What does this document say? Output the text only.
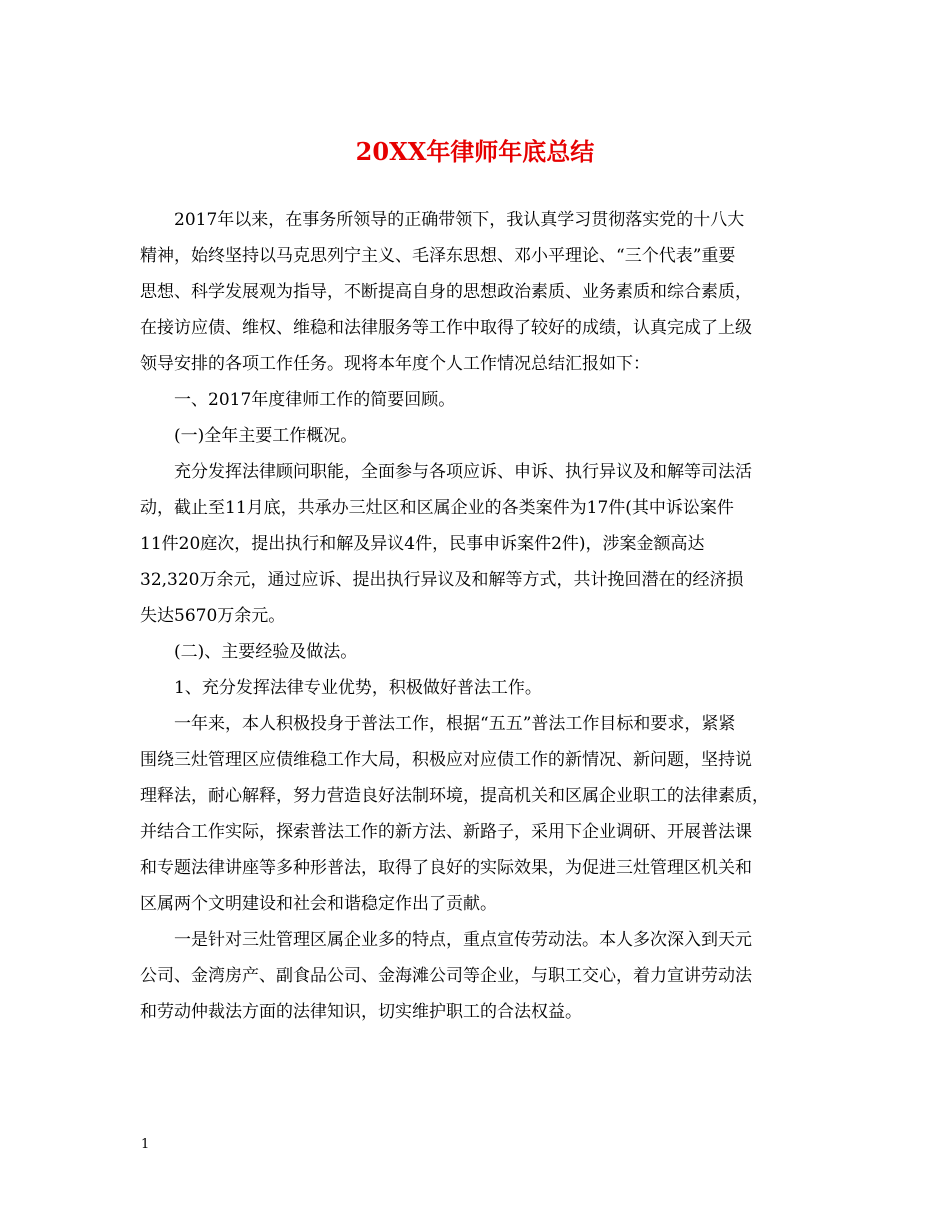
20XX年律师年底总结
　　2017年以来，在事务所领导的正确带领下，我认真学习贯彻落实党的十八大
精神，始终坚持以马克思列宁主义、毛泽东思想、邓小平理论、“三个代表”重要
思想、科学发展观为指导，不断提高自身的思想政治素质、业务素质和综合素质，
在接访应债、维权、维稳和法律服务等工作中取得了较好的成绩，认真完成了上级
领导安排的各项工作任务。现将本年度个人工作情况总结汇报如下：
　　一、2017年度律师工作的简要回顾。
　　(一)全年主要工作概况。
　　充分发挥法律顾问职能，全面参与各项应诉、申诉、执行异议及和解等司法活
动，截止至11月底，共承办三灶区和区属企业的各类案件为17件(其中诉讼案件
11件20庭次，提出执行和解及异议4件，民事申诉案件2件)，涉案金额高达
32,320万余元，通过应诉、提出执行异议及和解等方式，共计挽回潜在的经济损
失达5670万余元。
　　(二)、主要经验及做法。
　　1、充分发挥法律专业优势，积极做好普法工作。
　　一年来，本人积极投身于普法工作，根据“五五”普法工作目标和要求，紧紧
围绕三灶管理区应债维稳工作大局，积极应对应债工作的新情况、新问题，坚持说
理释法，耐心解释，努力营造良好法制环境，提高机关和区属企业职工的法律素质，
并结合工作实际，探索普法工作的新方法、新路子，采用下企业调研、开展普法课
和专题法律讲座等多种形普法，取得了良好的实际效果，为促进三灶管理区机关和
区属两个文明建设和社会和谐稳定作出了贡献。
　　一是针对三灶管理区属企业多的特点，重点宣传劳动法。本人多次深入到天元
公司、金湾房产、副食品公司、金海滩公司等企业，与职工交心，着力宣讲劳动法
和劳动仲裁法方面的法律知识，切实维护职工的合法权益。
1
